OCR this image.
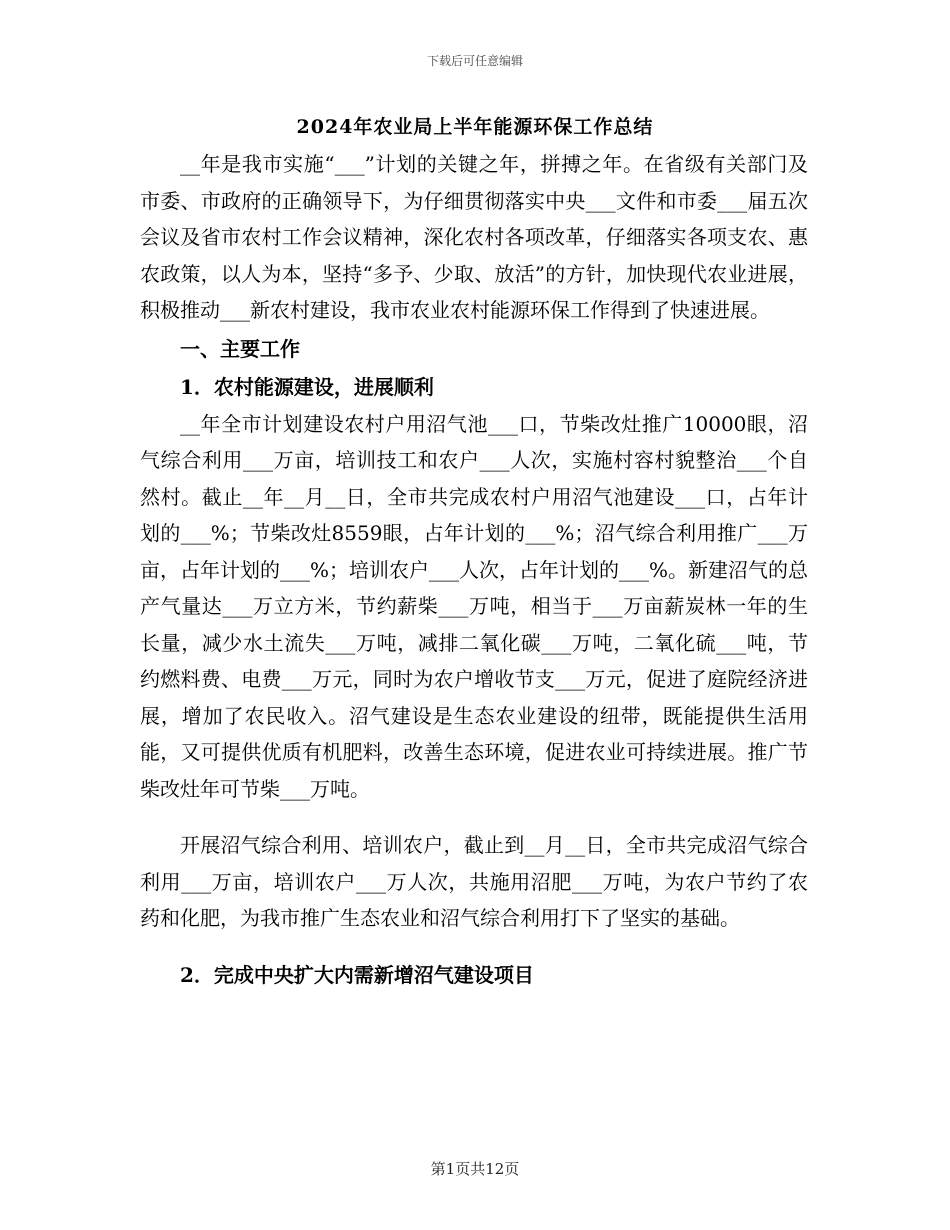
下载后可任意编辑
2024年农业局上半年能源环保工作总结

__年是我市实施“___”计划的关键之年，拼搏之年。在省级有关部门及市委、市政府的正确领导下，为仔细贯彻落实中央___文件和市委___届五次会议及省市农村工作会议精神，深化农村各项改革，仔细落实各项支农、惠农政策，以人为本，坚持“多予、少取、放活”的方针，加快现代农业进展，积极推动___新农村建设，我市农业农村能源环保工作得到了快速进展。

一、主要工作

1．农村能源建设，进展顺利

__年全市计划建设农村户用沼气池___口，节柴改灶推广10000眼，沼气综合利用___万亩，培训技工和农户___人次，实施村容村貌整治___个自然村。截止__年__月__日，全市共完成农村户用沼气池建设___口，占年计划的___%；节柴改灶8559眼，占年计划的___%；沼气综合利用推广___万亩，占年计划的___%；培训农户___人次，占年计划的___%。新建沼气的总产气量达___万立方米，节约薪柴___万吨，相当于___万亩薪炭林一年的生长量，减少水土流失___万吨，减排二氧化碳___万吨，二氧化硫___吨，节约燃料费、电费___万元，同时为农户增收节支___万元，促进了庭院经济进展，增加了农民收入。沼气建设是生态农业建设的纽带，既能提供生活用能，又可提供优质有机肥料，改善生态环境，促进农业可持续进展。推广节柴改灶年可节柴___万吨。

开展沼气综合利用、培训农户，截止到__月__日，全市共完成沼气综合利用___万亩，培训农户___万人次，共施用沼肥___万吨，为农户节约了农药和化肥，为我市推广生态农业和沼气综合利用打下了坚实的基础。

2．完成中央扩大内需新增沼气建设项目

第1页共12页
